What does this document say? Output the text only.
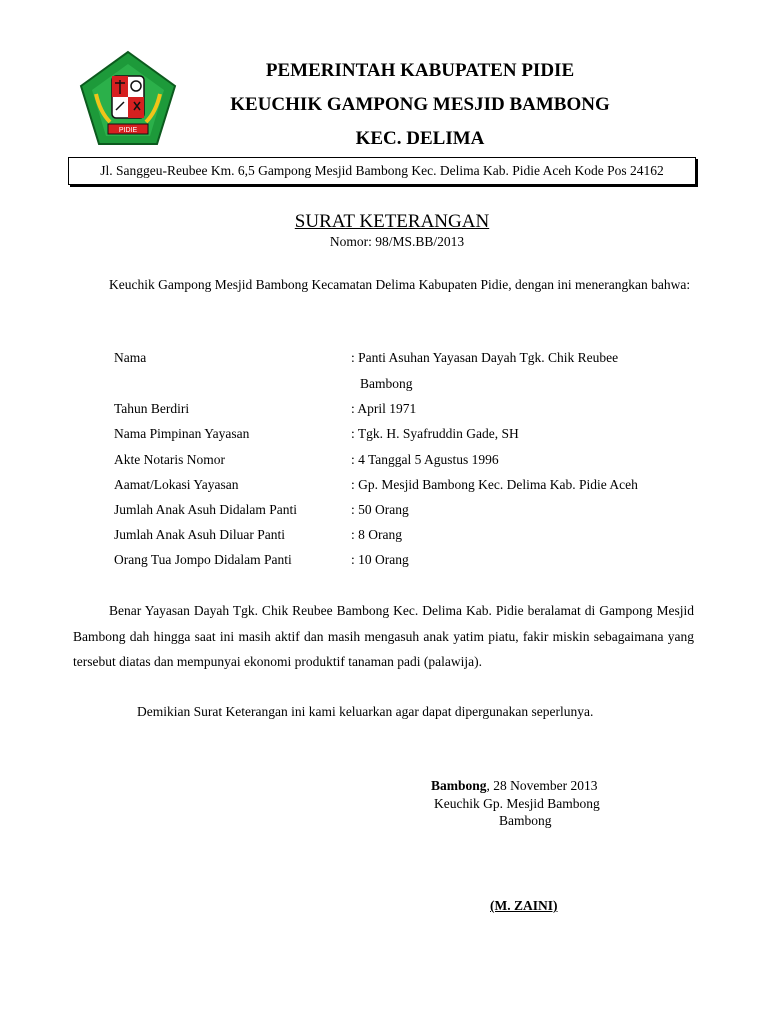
PIDIE
PEMERINTAH KABUPATEN PIDIE
KEUCHIK GAMPONG MESJID BAMBONG
KEC. DELIMA
Jl. Sanggeu-Reubee Km. 6,5 Gampong Mesjid Bambong Kec. Delima Kab. Pidie Aceh Kode Pos 24162
SURAT KETERANGAN
Nomor: 98/MS.BB/2013
Keuchik Gampong Mesjid Bambong Kecamatan Delima Kabupaten Pidie, dengan ini menerangkan bahwa:
Nama	: Panti Asuhan Yayasan Dayah Tgk. Chik Reubee
Bambong
Tahun Berdiri	: April 1971
Nama Pimpinan Yayasan	: Tgk. H. Syafruddin Gade, SH
Akte Notaris Nomor	: 4 Tanggal 5 Agustus 1996
Aamat/Lokasi Yayasan	: Gp. Mesjid Bambong Kec. Delima Kab. Pidie Aceh
Jumlah Anak Asuh Didalam Panti	: 50 Orang
Jumlah Anak Asuh Diluar Panti	: 8 Orang
Orang Tua Jompo Didalam Panti	: 10 Orang
Benar Yayasan Dayah Tgk. Chik Reubee Bambong Kec. Delima Kab. Pidie beralamat di Gampong Mesjid Bambong dah hingga saat ini masih aktif dan masih mengasuh anak yatim piatu, fakir miskin sebagaimana yang tersebut diatas dan mempunyai ekonomi produktif tanaman padi (palawija).
Demikian Surat Keterangan ini kami keluarkan agar dapat dipergunakan seperlunya.
Bambong, 28 November 2013
Keuchik Gp. Mesjid Bambong
Bambong
(M. ZAINI)
